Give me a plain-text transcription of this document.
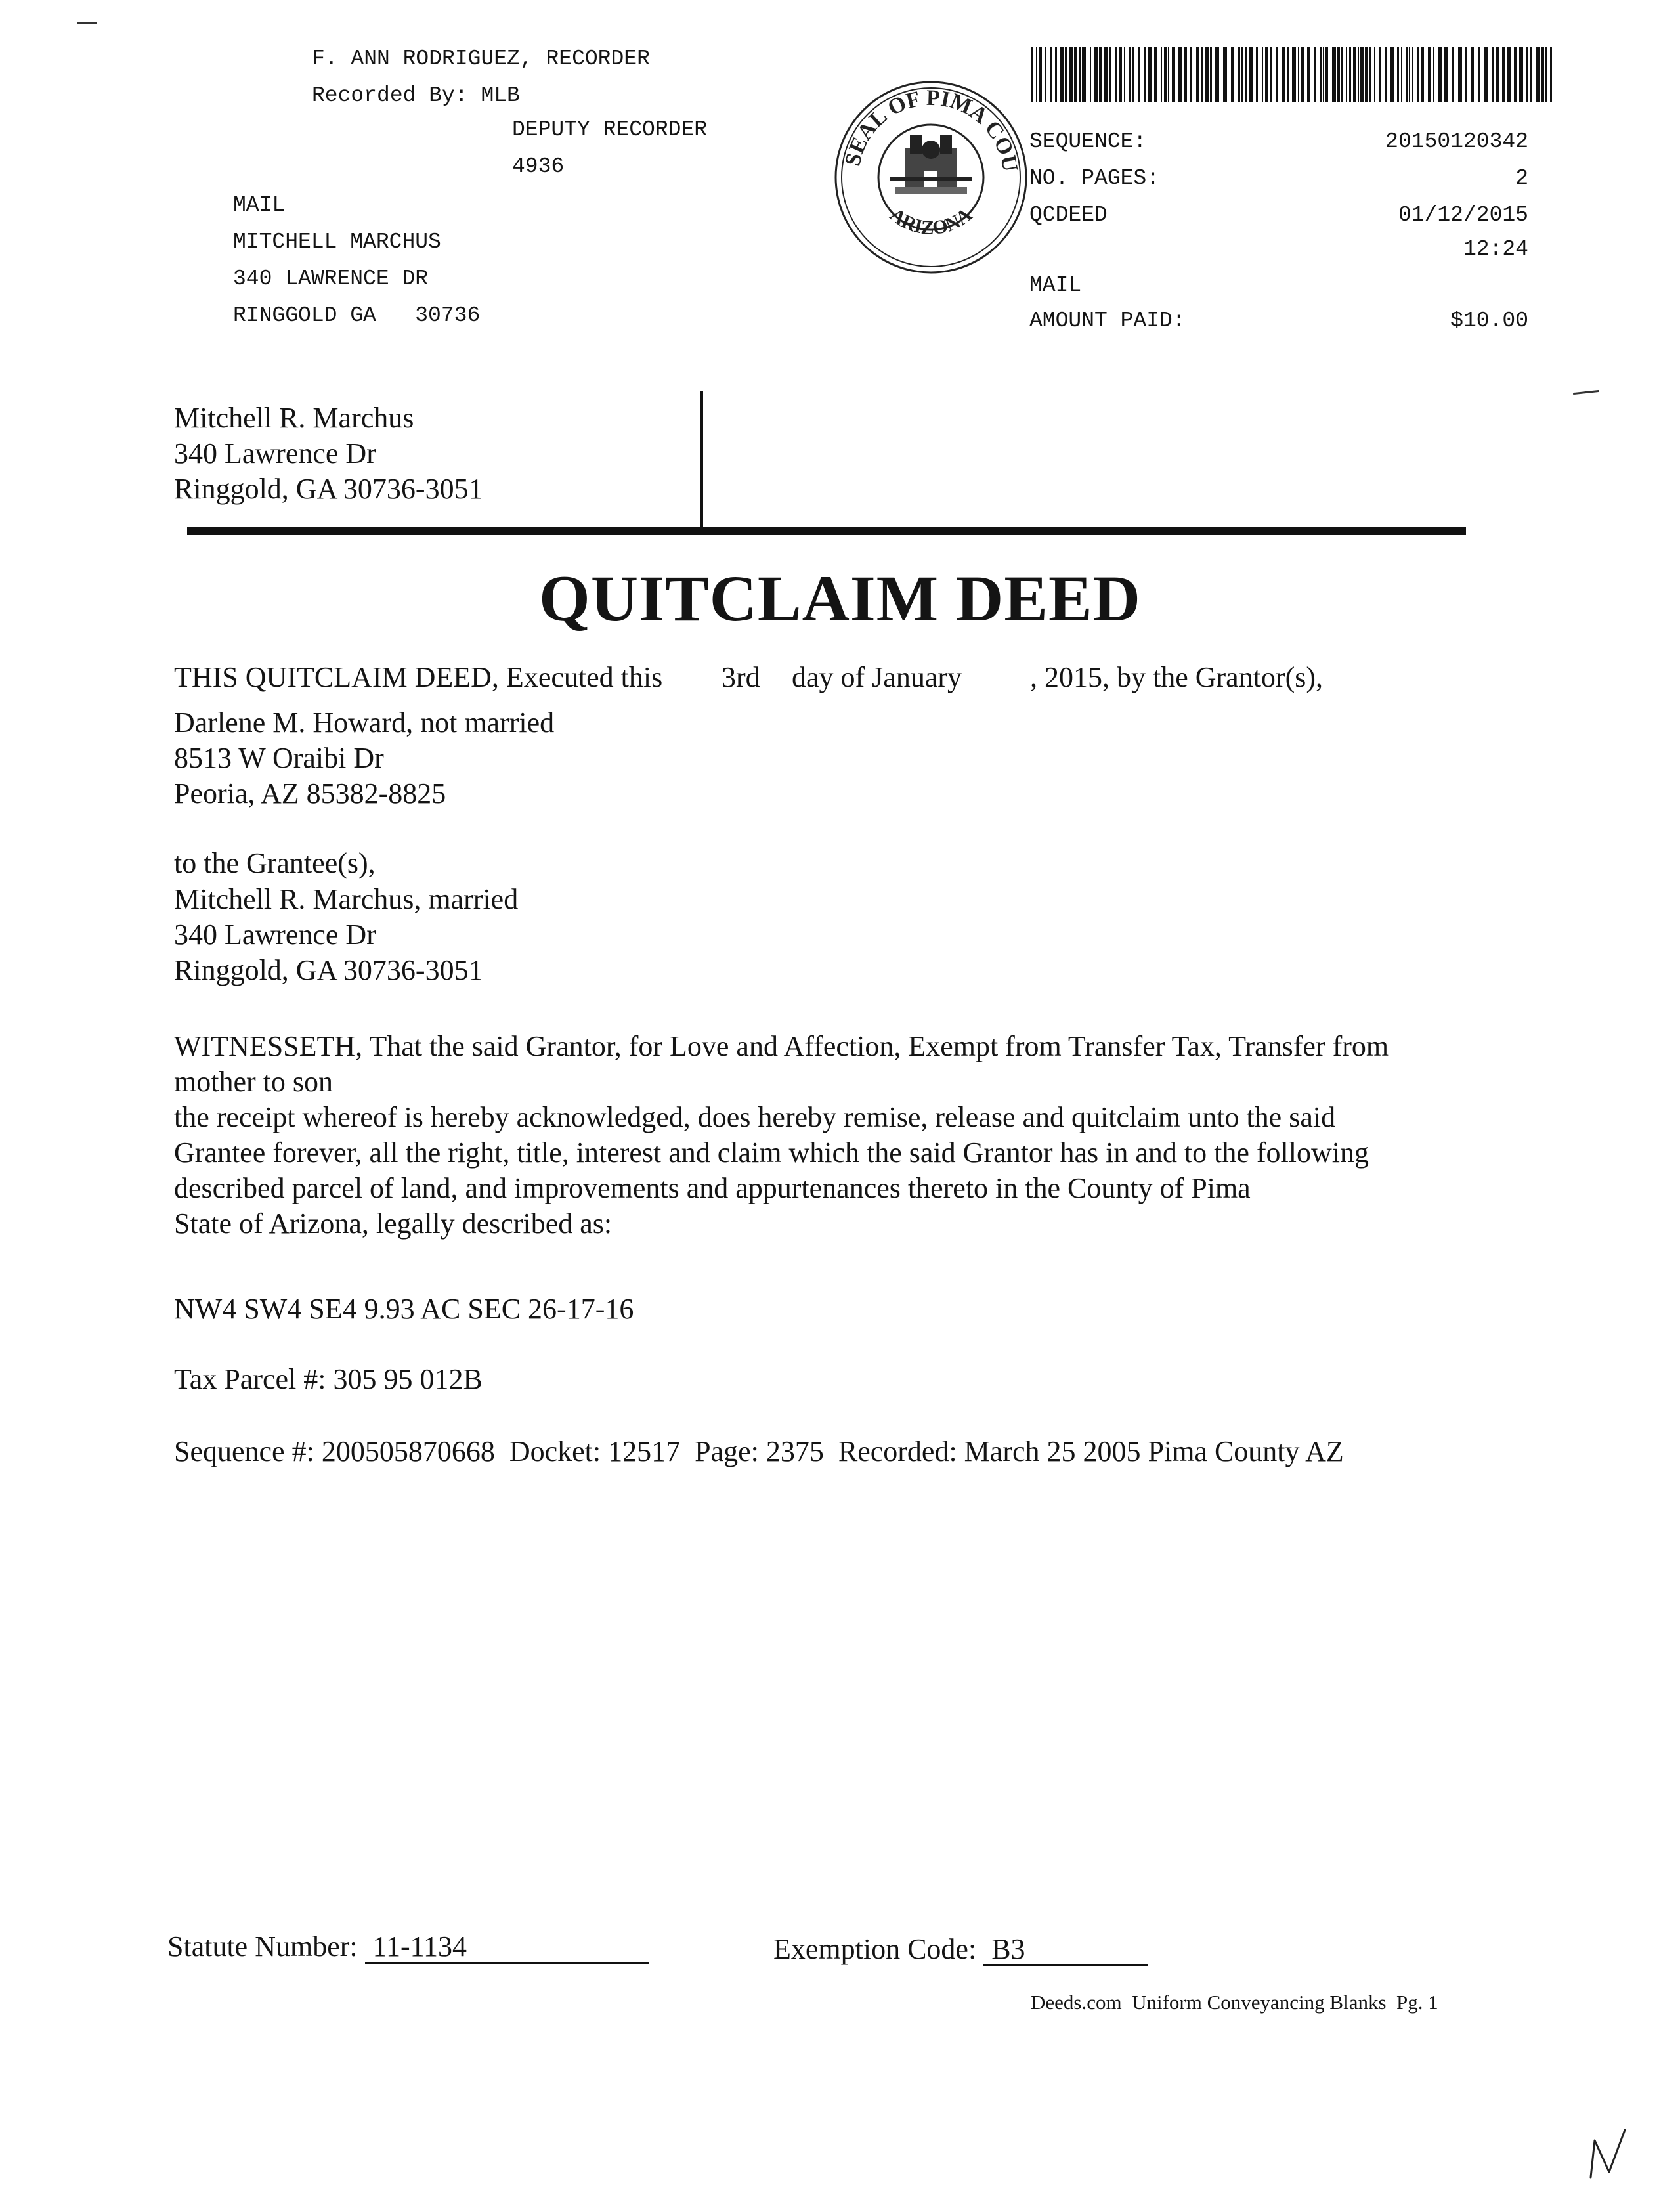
F. ANN RODRIGUEZ, RECORDER
Recorded By: MLB
DEPUTY RECORDER
4936
MAIL
MITCHELL MARCHUS
340 LAWRENCE DR
RINGGOLD GA   30736
SEAL OF PIMA COU
ARIZONA
SEQUENCE:	20150120342
NO. PAGES:	2
QCDEED	01/12/2015
12:24
MAIL
AMOUNT PAID:	$10.00
Mitchell R. Marchus
340 Lawrence Dr
Ringgold, GA 30736-3051
QUITCLAIM DEED
THIS QUITCLAIM DEED, Executed this 3rd day of January , 2015, by the Grantor(s),
Darlene M. Howard, not married
8513 W Oraibi Dr
Peoria, AZ 85382-8825
to the Grantee(s),
Mitchell R. Marchus, married
340 Lawrence Dr
Ringgold, GA 30736-3051
WITNESSETH, That the said Grantor, for Love and Affection, Exempt from Transfer Tax, Transfer from
mother to son
the receipt whereof is hereby acknowledged, does hereby remise, release and quitclaim unto the said
Grantee forever, all the right, title, interest and claim which the said Grantor has in and to the following
described parcel of land, and improvements and appurtenances thereto in the County of Pima
State of Arizona, legally described as:
NW4 SW4 SE4 9.93 AC SEC 26-17-16
Tax Parcel #: 305 95 012B
Sequence #: 200505870668  Docket: 12517  Page: 2375  Recorded: March 25 2005 Pima County AZ
Statute Number: 11-1134	Exemption Code: B3
Deeds.com  Uniform Conveyancing Blanks  Pg. 1
